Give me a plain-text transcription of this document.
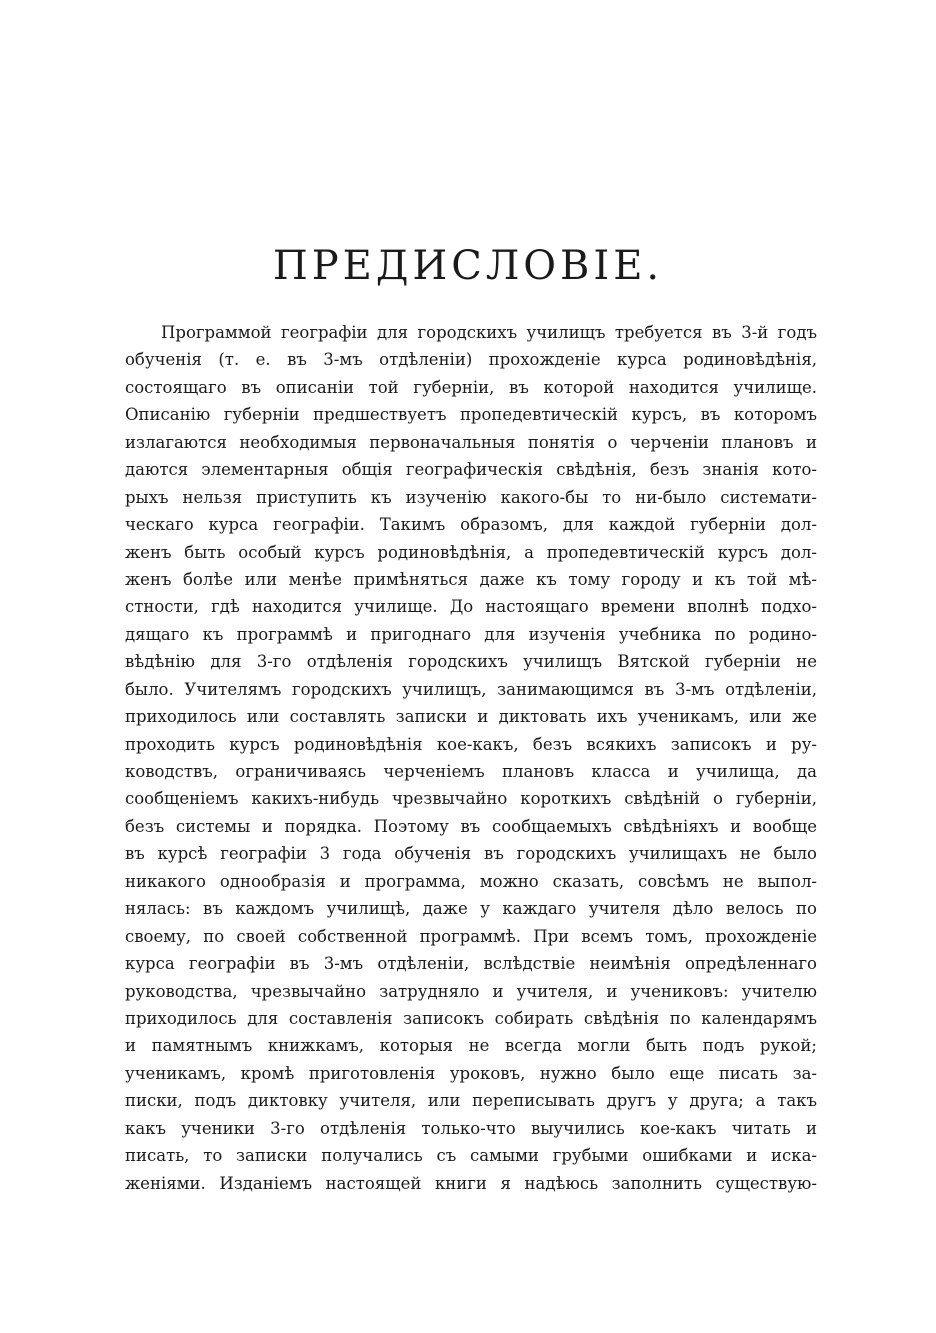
ПРЕДИСЛОВІЕ.
Программой географіи для городскихъ училищъ требуется въ 3-й годъ
обученія (т. е. въ 3-мъ отдѣленіи) прохожденіе курса родиновѣдѣнія,
состоящаго въ описаніи той губерніи, въ которой находится училище.
Описанію губерніи предшествуетъ пропедевтическій курсъ, въ которомъ
излагаются необходимыя первоначальныя понятія о черченіи плановъ и
даются элементарныя общія географическія свѣдѣнія, безъ знанія кото-
рыхъ нельзя приступить къ изученію какого-бы то ни-было системати-
ческаго курса географіи. Такимъ образомъ, для каждой губерніи дол-
женъ быть особый курсъ родиновѣдѣнія, а пропедевтическій курсъ дол-
женъ болѣе или менѣе примѣняться даже къ тому городу и къ той мѣ-
стности, гдѣ находится училище. До настоящаго времени вполнѣ подхо-
дящаго къ программѣ и пригоднаго для изученія учебника по родино-
вѣдѣнію для 3-го отдѣленія городскихъ училищъ Вятской губерніи не
было. Учителямъ городскихъ училищъ, занимающимся въ 3-мъ отдѣленіи,
приходилось или составлять записки и диктовать ихъ ученикамъ, или же
проходить курсъ родиновѣдѣнія кое-какъ, безъ всякихъ записокъ и ру-
ководствъ, ограничиваясь черченіемъ плановъ класса и училища, да
сообщеніемъ какихъ-нибудь чрезвычайно короткихъ свѣдѣній о губерніи,
безъ системы и порядка. Поэтому въ сообщаемыхъ свѣдѣніяхъ и вообще
въ курсѣ географіи 3 года обученія въ городскихъ училищахъ не было
никакого однообразія и программа, можно сказать, совсѣмъ не выпол-
нялась: въ каждомъ училищѣ, даже у каждаго учителя дѣло велось по
своему, по своей собственной программѣ. При всемъ томъ, прохожденіе
курса географіи въ 3-мъ отдѣленіи, вслѣдствіе неимѣнія опредѣленнаго
руководства, чрезвычайно затрудняло и учителя, и учениковъ: учителю
приходилось для составленія записокъ собирать свѣдѣнія по календарямъ
и памятнымъ книжкамъ, которыя не всегда могли быть подъ рукой;
ученикамъ, кромѣ приготовленія уроковъ, нужно было еще писать за-
писки, подъ диктовку учителя, или переписывать другъ у друга; а такъ
какъ ученики 3-го отдѣленія только-что выучились кое-какъ читать и
писать, то записки получались съ самыми грубыми ошибками и иска-
женіями. Изданіемъ настоящей книги я надѣюсь заполнить существую-
